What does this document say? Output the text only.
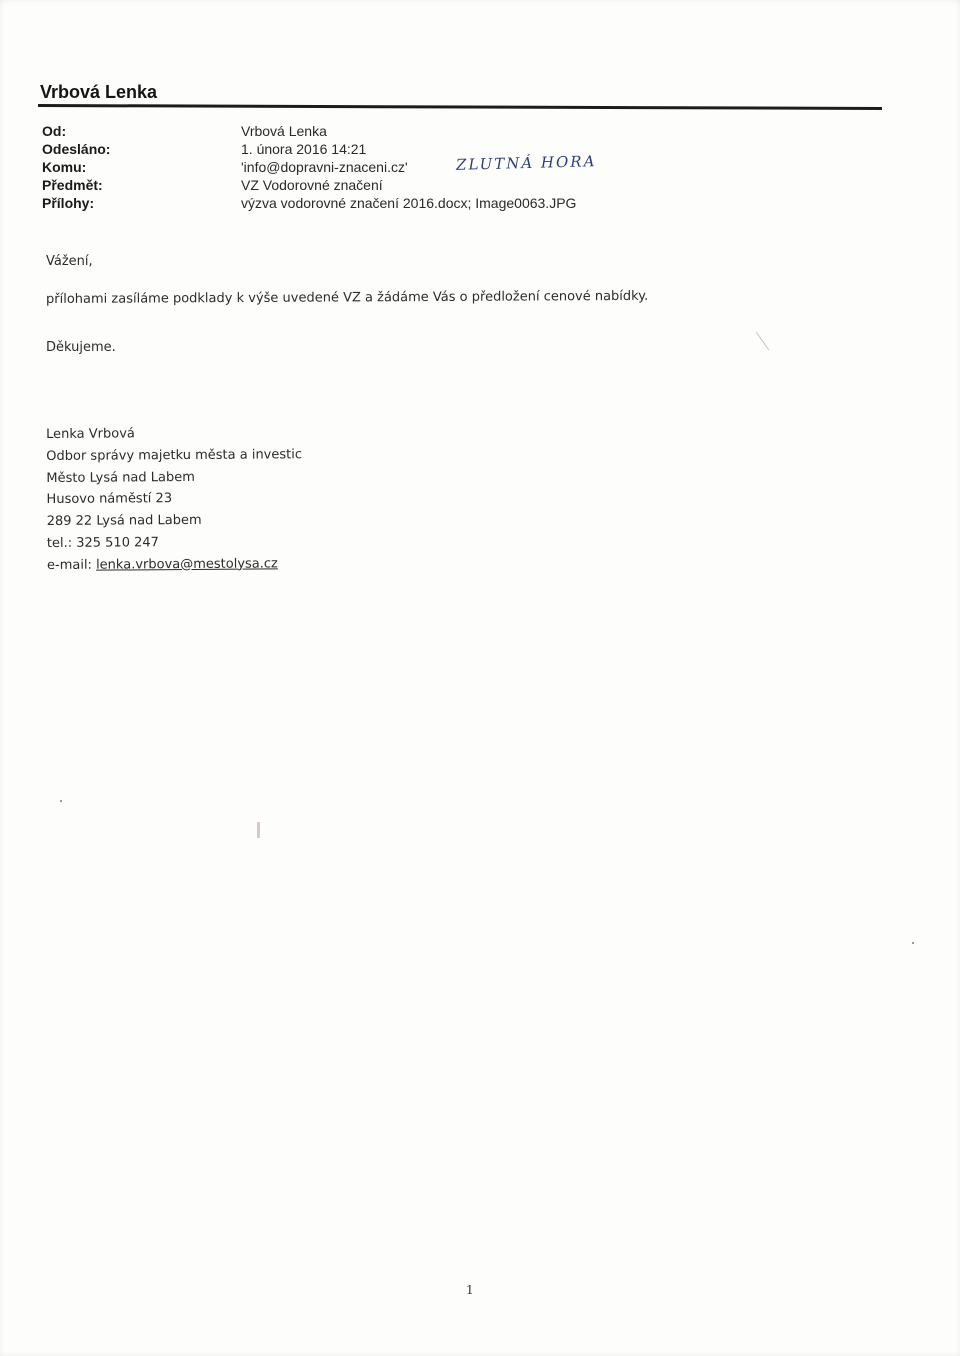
Vrbová Lenka
Od:	Vrbová Lenka
Odesláno:	1. února 2016 14:21
Komu:	'info@dopravni-znaceni.cz'
Předmět:	VZ Vodorovné značení
Přílohy:	výzva vodorovné značení 2016.docx; Image0063.JPG
ZLUTNÁ HORA
Vážení,
přílohami zasíláme podklady k výše uvedené VZ a žádáme Vás o předložení cenové nabídky.
Děkujeme.
Lenka Vrbová
Odbor správy majetku města a investic
Město Lysá nad Labem
Husovo náměstí 23
289 22 Lysá nad Labem
tel.: 325 510 247
e-mail: lenka.vrbova@mestolysa.cz
1
